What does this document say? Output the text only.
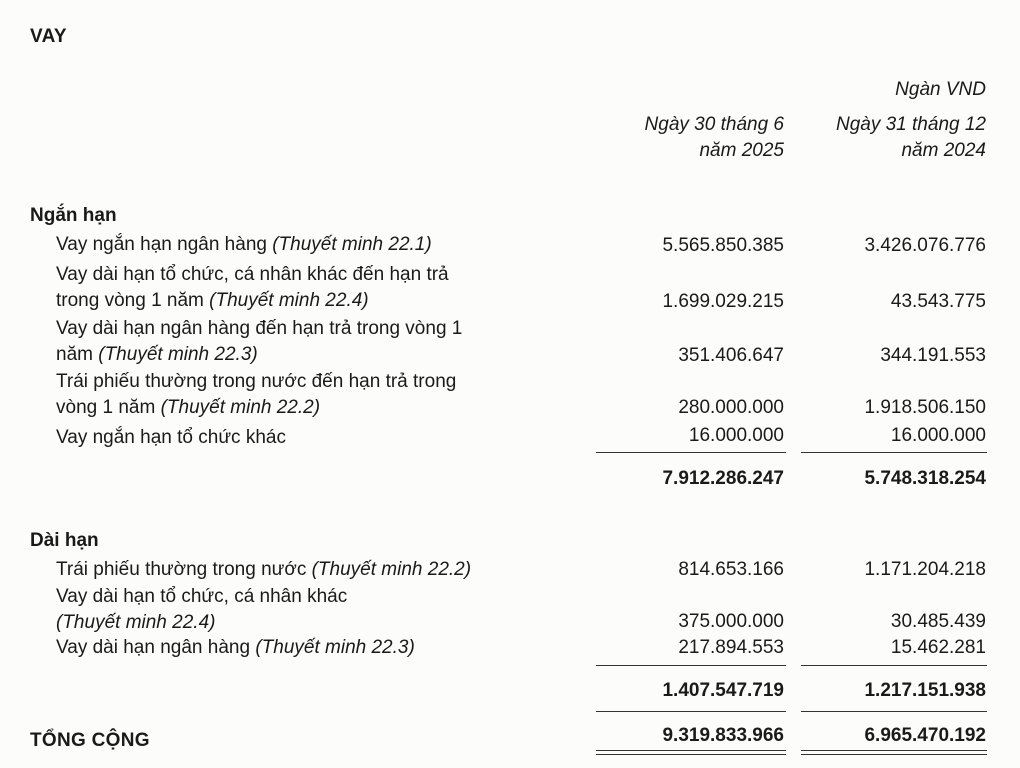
VAY
Ngàn VND
Ngày 30 tháng 6
năm 2025
Ngày 31 tháng 12
năm 2024
Ngắn hạn
Vay ngắn hạn ngân hàng (Thuyết minh 22.1)	5.565.850.385	3.426.076.776
Vay dài hạn tổ chức, cá nhân khác đến hạn trả
trong vòng 1 năm (Thuyết minh 22.4)	1.699.029.215	43.543.775
Vay dài hạn ngân hàng đến hạn trả trong vòng 1
năm (Thuyết minh 22.3)	351.406.647	344.191.553
Trái phiếu thường trong nước đến hạn trả trong
vòng 1 năm (Thuyết minh 22.2)	280.000.000	1.918.506.150
Vay ngắn hạn tổ chức khác	16.000.000	16.000.000
7.912.286.247	5.748.318.254
Dài hạn
Trái phiếu thường trong nước (Thuyết minh 22.2)	814.653.166	1.171.204.218
Vay dài hạn tổ chức, cá nhân khác
(Thuyết minh 22.4)	375.000.000	30.485.439
Vay dài hạn ngân hàng (Thuyết minh 22.3)	217.894.553	15.462.281
1.407.547.719	1.217.151.938
TỔNG CỘNG	9.319.833.966	6.965.470.192
